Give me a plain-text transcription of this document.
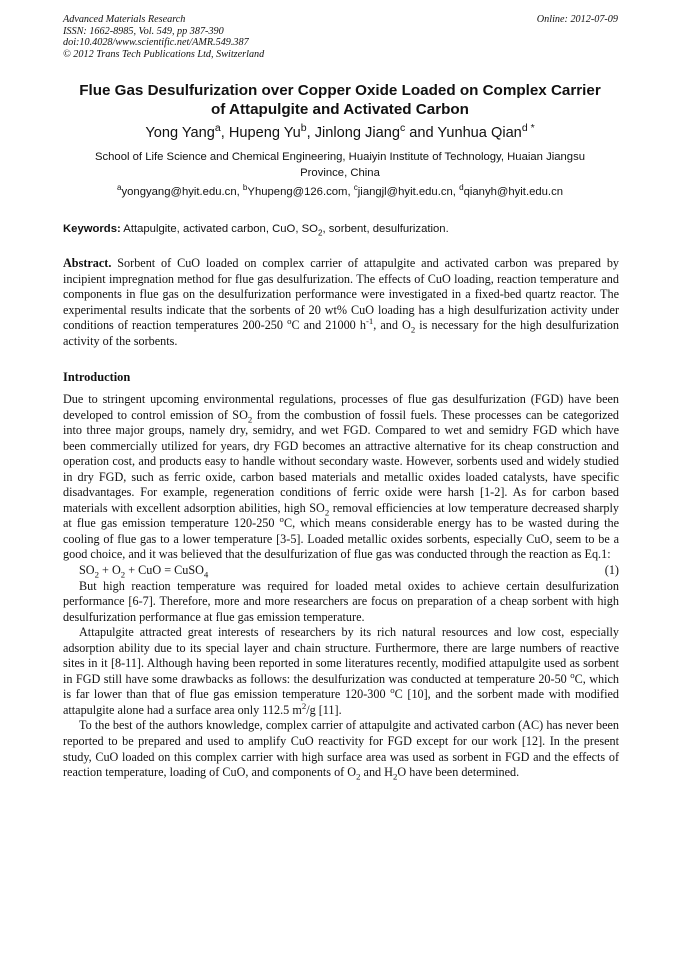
Advanced Materials Research
ISSN: 1662-8985, Vol. 549, pp 387-390
doi:10.4028/www.scientific.net/AMR.549.387
© 2012 Trans Tech Publications Ltd, Switzerland
Online: 2012-07-09
Flue Gas Desulfurization over Copper Oxide Loaded on Complex Carrier
of Attapulgite and Activated Carbon
Yong Yang$^a$, Hupeng Yu$^b$, Jinlong Jiang$^c$ and Yunhua Qian$^{d *}$
School of Life Science and Chemical Engineering, Huaiyin Institute of Technology, Huaian Jiangsu
Province, China
$^a$yongyang@hyit.edu.cn, $^b$Yhupeng@126.com, $^c$jiangjl@hyit.edu.cn, $^d$qianyh@hyit.edu.cn
Keywords: Attapulgite, activated carbon, CuO, $SO_2$, sorbent, desulfurization.
Abstract. Sorbent of CuO loaded on complex carrier of attapulgite and activated carbon was prepared by incipient impregnation method for flue gas desulfurization. The effects of CuO loading, reaction temperature and components in flue gas on the desulfurization performance were investigated in a fixed-bed quartz reactor. The experimental results indicate that the sorbents of 20 wt% CuO loading has a high desulfurization activity under conditions of reaction temperatures 200-250 $^o$C and 21000 $h^{-1}$, and $O_2$ is necessary for the high desulfurization activity of the sorbents.
Introduction

Due to stringent upcoming environmental regulations, processes of flue gas desulfurization (FGD) have been developed to control emission of $SO_2$ from the combustion of fossil fuels. These processes can be categorized into three major groups, namely dry, semidry, and wet FGD. Compared to wet and semidry FGD which have been commercially utilized for years, dry FGD becomes an attractive alternative for its cheap construction and operation cost, and products easy to handle without secondary waste. However, sorbents used and widely studied in dry FGD, such as ferric oxide, carbon based materials and metallic oxides loaded catalysts, have specific disadvantages. For example, regeneration conditions of ferric oxide were harsh [1-2]. As for carbon based materials with excellent adsorption abilities, high $SO_2$ removal efficiencies at low temperature decreased sharply at flue gas emission temperature 120-250 $^o$C, which means considerable energy has to be wasted during the cooling of flue gas to a lower temperature [3-5]. Loaded metallic oxides sorbents, especially CuO, seem to be a good choice, and it was believed that the desulfurization of flue gas was conducted through the reaction as Eq.1:

$SO_2 + O_2$ + CuO = CuSO$_4$	(1)

But high reaction temperature was required for loaded metal oxides to achieve certain desulfurization performance [6-7]. Therefore, more and more researchers are focus on preparation of a cheap sorbent with high desulfurization performance at flue gas emission temperature.

Attapulgite attracted great interests of researchers by its rich natural resources and low cost, especially adsorption ability due to its special layer and chain structure. Furthermore, there are large numbers of reactive sites in it [8-11]. Although having been reported in some literatures recently, modified attapulgite used as sorbent in FGD still have some drawbacks as follows: the desulfurization was conducted at temperature 20-50 $^o$C, which is far lower than that of flue gas emission temperature 120-300 $^o$C [10], and the sorbent made with modified attapulgite alone had a surface area only 112.5 $m^2/g$ [11].

To the best of the authors knowledge, complex carrier of attapulgite and activated carbon (AC) has never been reported to be prepared and used to amplify CuO reactivity for FGD except for our work [12]. In the present study, CuO loaded on this complex carrier with high surface area was used as sorbent in FGD and the effects of reaction temperature, loading of CuO, and components of $O_2$ and $H_2O$ have been determined.
